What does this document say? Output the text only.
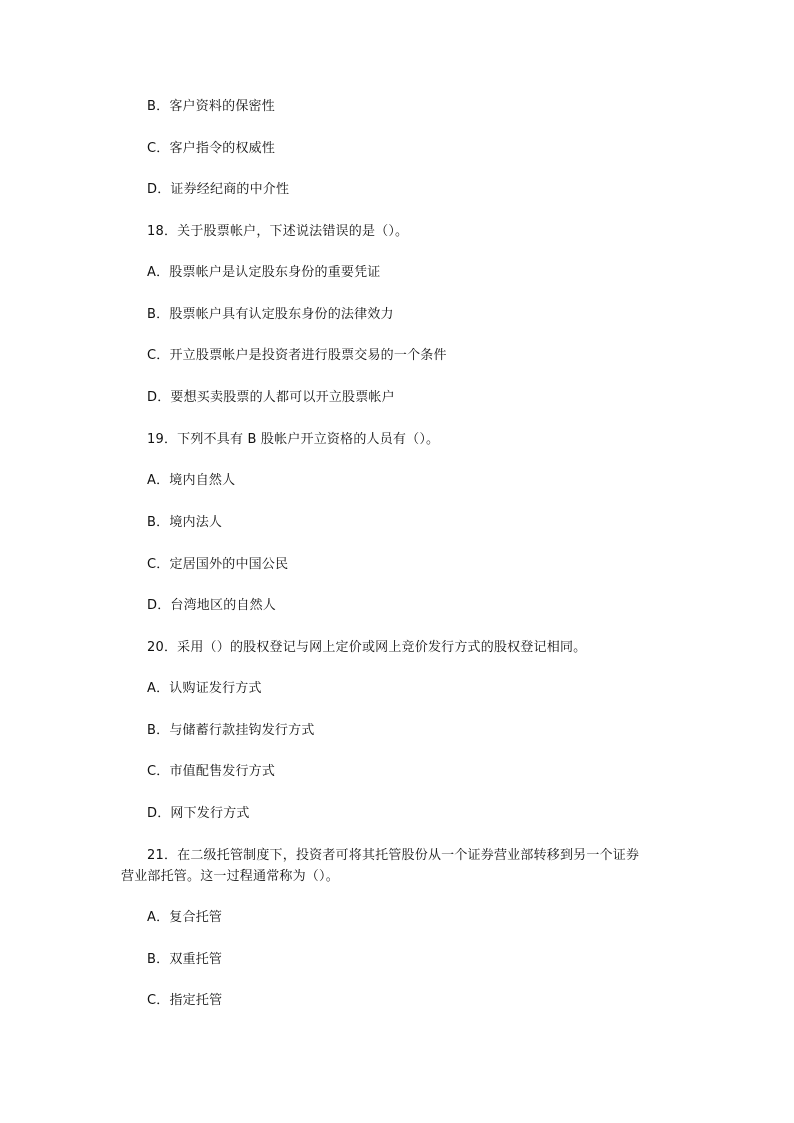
B．客户资料的保密性
C．客户指令的权威性
D．证券经纪商的中介性
18．关于股票帐户，下述说法错误的是（）。
A．股票帐户是认定股东身份的重要凭证
B．股票帐户具有认定股东身份的法律效力
C．开立股票帐户是投资者进行股票交易的一个条件
D．要想买卖股票的人都可以开立股票帐户
19．下列不具有 B 股帐户开立资格的人员有（）。
A．境内自然人
B．境内法人
C．定居国外的中国公民
D．台湾地区的自然人
20．采用（）的股权登记与网上定价或网上竞价发行方式的股权登记相同。
A．认购证发行方式
B．与储蓄行款挂钩发行方式
C．市值配售发行方式
D．网下发行方式
21．在二级托管制度下，投资者可将其托管股份从一个证券营业部转移到另一个证券
营业部托管。这一过程通常称为（）。
A．复合托管
B．双重托管
C．指定托管
